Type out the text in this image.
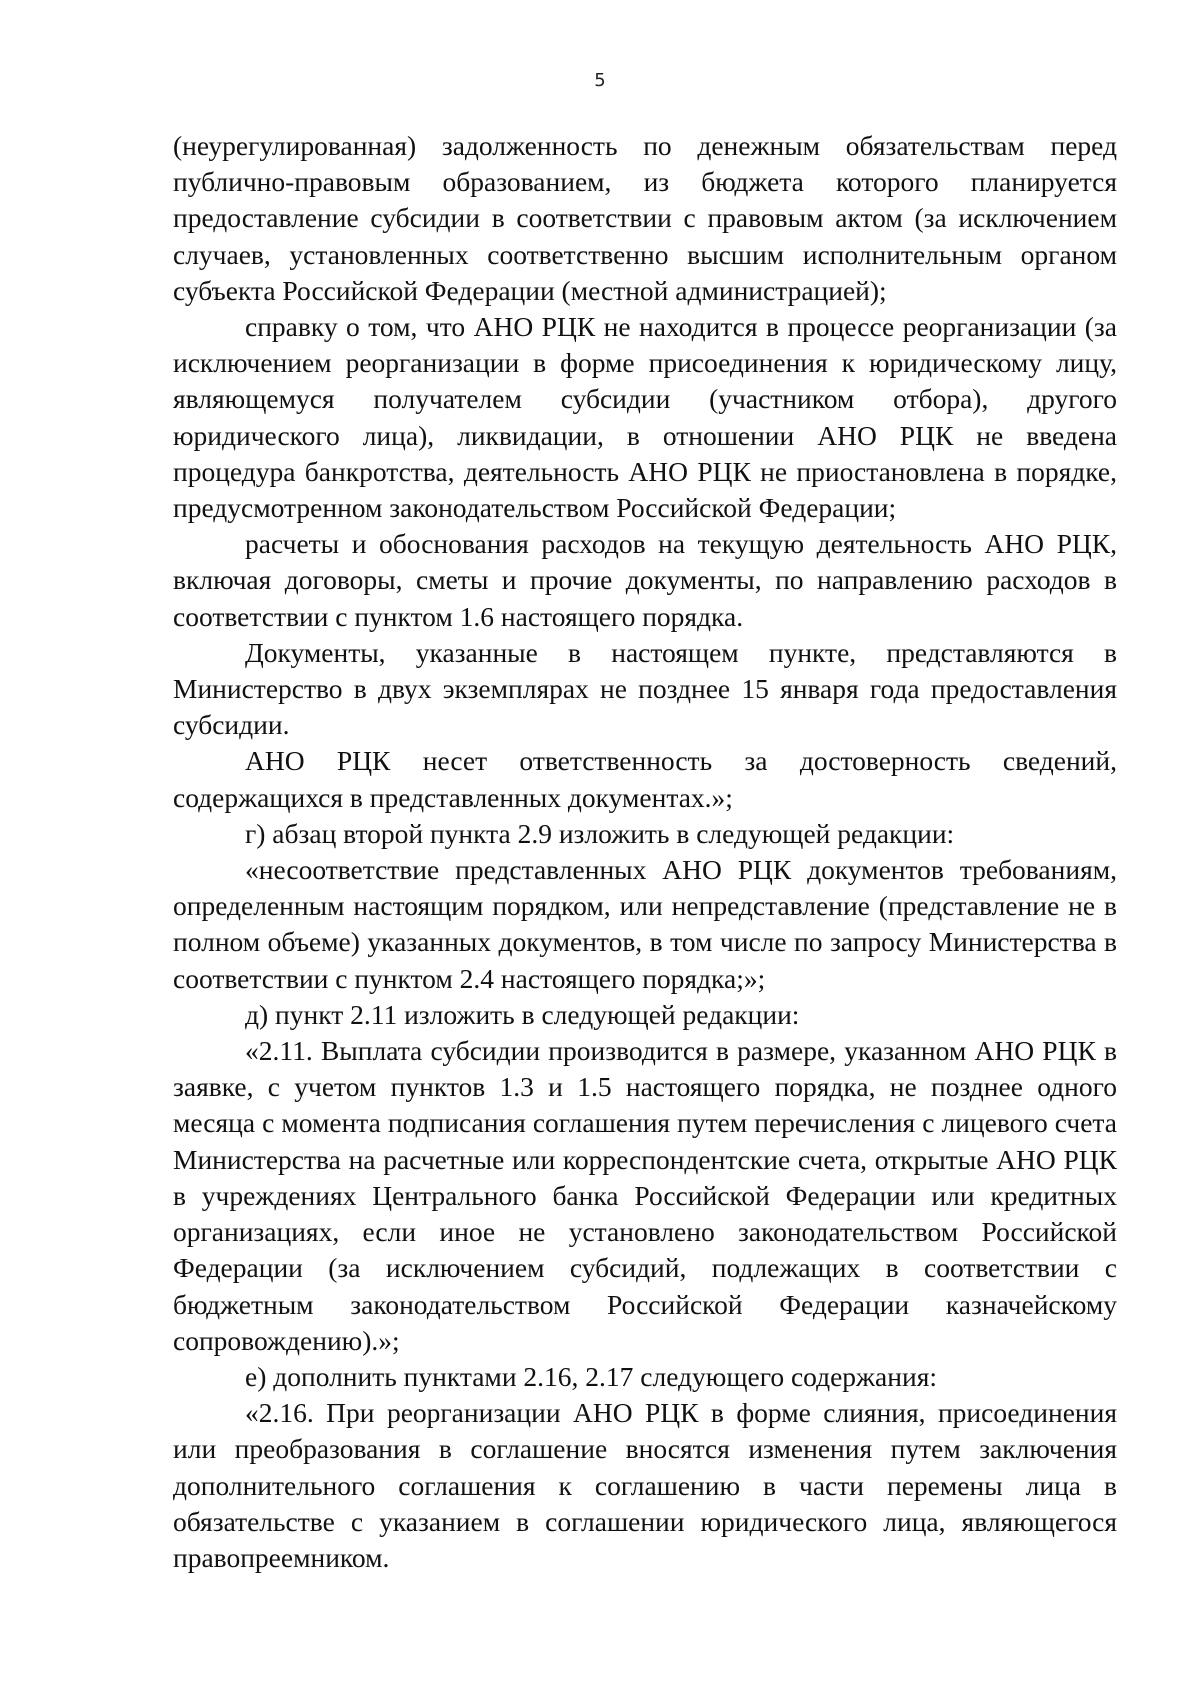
5

(неурегулированная) задолженность по денежным обязательствам перед публично-правовым образованием, из бюджета которого планируется предоставление субсидии в соответствии с правовым актом (за исключением случаев, установленных соответственно высшим исполнительным органом субъекта Российской Федерации (местной администрацией);

справку о том, что АНО РЦК не находится в процессе реорганизации (за исключением реорганизации в форме присоединения к юридическому лицу, являющемуся получателем субсидии (участником отбора), другого юридического лица), ликвидации, в отношении АНО РЦК не введена процедура банкротства, деятельность АНО РЦК не приостановлена в порядке, предусмотренном законодательством Российской Федерации;

расчеты и обоснования расходов на текущую деятельность АНО РЦК, включая договоры, сметы и прочие документы, по направлению расходов в соответствии с пунктом 1.6 настоящего порядка.

Документы, указанные в настоящем пункте, представляются в Министерство в двух экземплярах не позднее 15 января года предоставления субсидии.

АНО РЦК несет ответственность за достоверность сведений, содержащихся в представленных документах.»;

г) абзац второй пункта 2.9 изложить в следующей редакции:

«несоответствие представленных АНО РЦК документов требованиям, определенным настоящим порядком, или непредставление (представление не в полном объеме) указанных документов, в том числе по запросу Министерства в соответствии с пунктом 2.4 настоящего порядка;»;

д) пункт 2.11 изложить в следующей редакции:

«2.11. Выплата субсидии производится в размере, указанном АНО РЦК в заявке, с учетом пунктов 1.3 и 1.5 настоящего порядка, не позднее одного месяца с момента подписания соглашения путем перечисления с лицевого счета Министерства на расчетные или корреспондентские счета, открытые АНО РЦК в учреждениях Центрального банка Российской Федерации или кредитных организациях, если иное не установлено законодательством Российской Федерации (за исключением субсидий, подлежащих в соответствии с бюджетным законодательством Российской Федерации казначейскому сопровождению).»;

е) дополнить пунктами 2.16, 2.17 следующего содержания:

«2.16. При реорганизации АНО РЦК в форме слияния, присоединения или преобразования в соглашение вносятся изменения путем заключения дополнительного соглашения к соглашению в части перемены лица в обязательстве с указанием в соглашении юридического лица, являющегося правопреемником.
